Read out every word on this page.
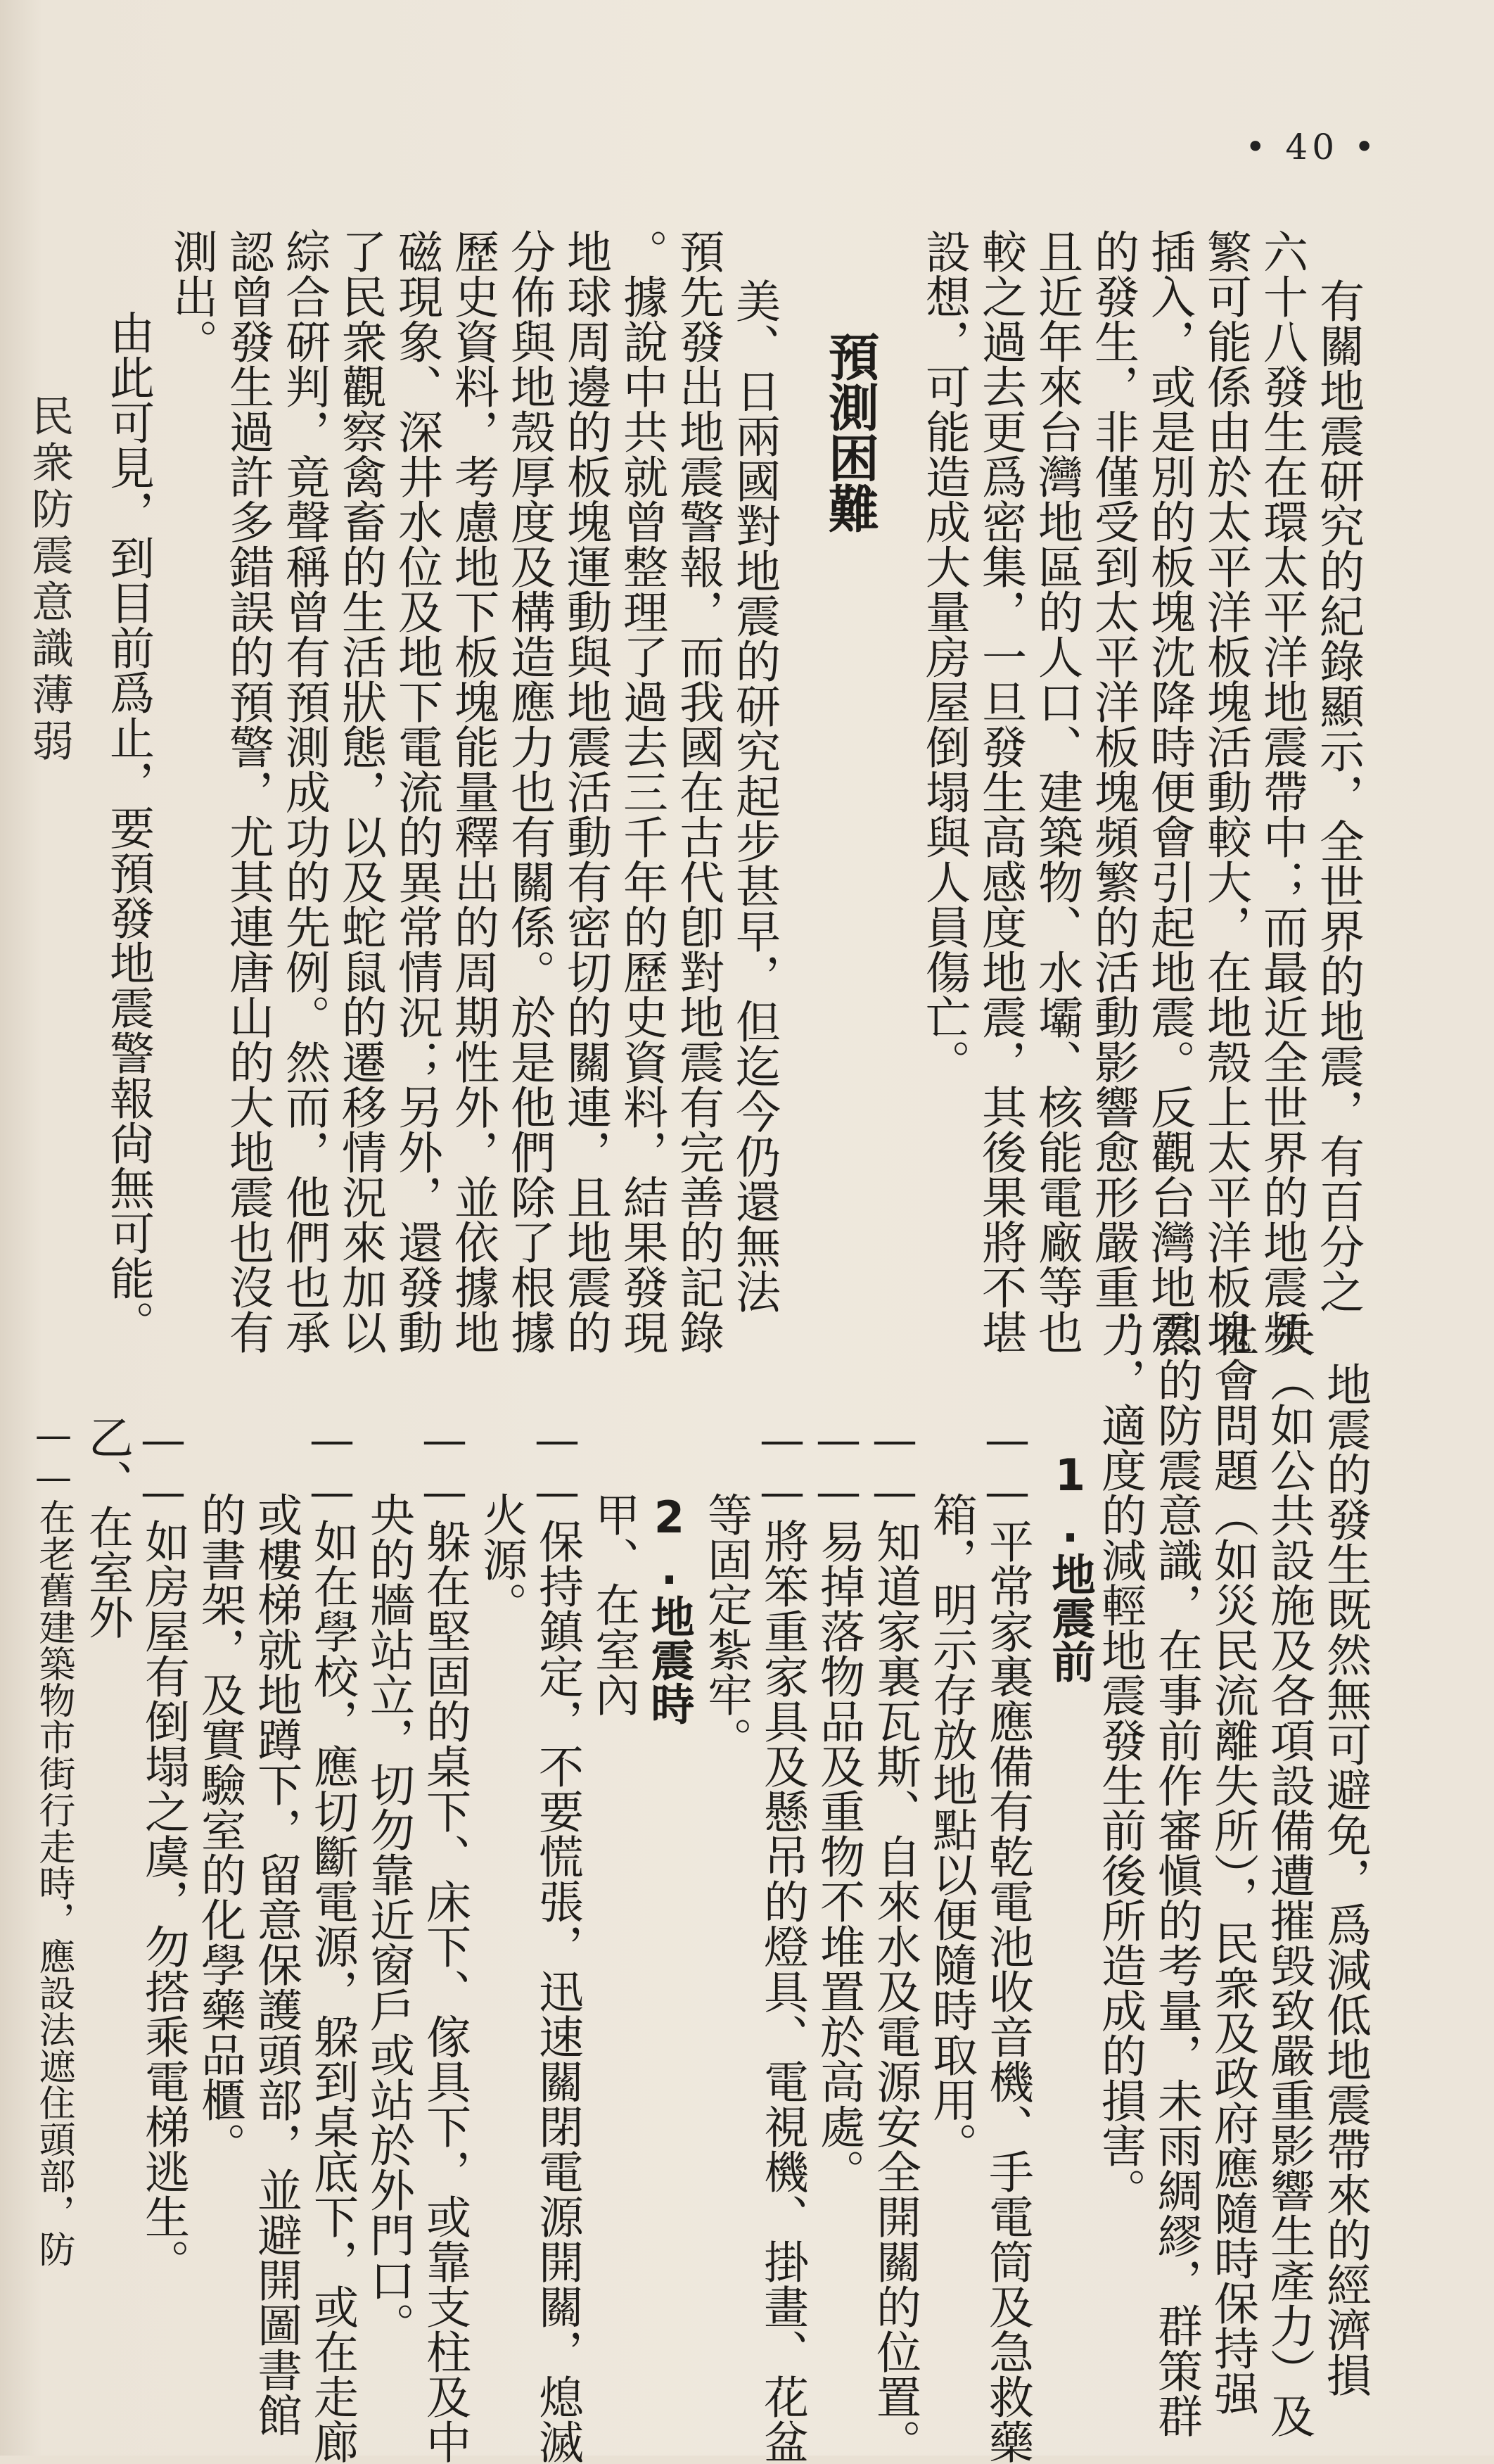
• 40 •
民衆防震意識薄弱	有關地震研究的紀錄顯示，全世界的地震，有百分之
六十八發生在環太平洋地震帶中；而最近全世界的地震頻
繁可能係由於太平洋板塊活動較大，在地殼上太平洋板塊
插入，或是別的板塊沈降時便會引起地震。反觀台灣地震
的發生，非僅受到太平洋板塊頻繁的活動影響愈形嚴重，
且近年來台灣地區的人口、建築物、水壩、核能電廠等也
較之過去更爲密集，一旦發生高感度地震，其後果將不堪
設想，可能造成大量房屋倒塌與人員傷亡。
預測困難
美、日兩國對地震的研究起步甚早，但迄今仍還無法
預先發出地震警報，而我國在古代卽對地震有完善的記錄
。據說中共就曾整理了過去三千年的歷史資料，結果發現
地球周邊的板塊運動與地震活動有密切的關連，且地震的
分佈與地殼厚度及構造應力也有關係。於是他們除了根據
歷史資料，考慮地下板塊能量釋出的周期性外，並依據地
磁現象、深井水位及地下電流的異常情況；另外，還發動
了民衆觀察禽畜的生活狀態，以及蛇鼠的遷移情況來加以
綜合硏判，竟聲稱曾有預測成功的先例。然而，他們也承
認曾發生過許多錯誤的預警，尤其連唐山的大地震也沒有
測出。
由此可見，到目前爲止，要預發地震警報尙無可能。
地震的發生既然無可避免，爲減低地震帶來的經濟損
失（如公共設施及各項設備遭摧毁致嚴重影響生產力）及
社會問題（如災民流離失所），民衆及政府應隨時保持强
烈的防震意識，在事前作審愼的考量，未雨綢繆，群策群
力，適度的減輕地震發生前後所造成的損害。
1.地震前
——平常家裏應備有乾電池收音機、手電筒及急救藥
箱，明示存放地點以便隨時取用。
——知道家裏瓦斯、自來水及電源安全開關的位置。
——易掉落物品及重物不堆置於高處。
——將笨重家具及懸吊的燈具、電視機、掛畫、花盆
等固定紮牢。
2.地震時
甲、在室內
——保持鎮定，不要慌張，迅速關閉電源開關，熄滅
火源。
——躲在堅固的桌下、床下、傢具下，或靠支柱及中
央的牆站立，切勿靠近窗戶或站於外門口。
——如在學校，應切斷電源，躱到桌底下，或在走廊
或樓梯就地蹲下，留意保護頭部，並避開圖書館
的書架，及實驗室的化學藥品櫃。
——如房屋有倒塌之虞，勿搭乘電梯逃生。
乙、在室外
——在老舊建築物市街行走時，應設法遮住頭部，防
